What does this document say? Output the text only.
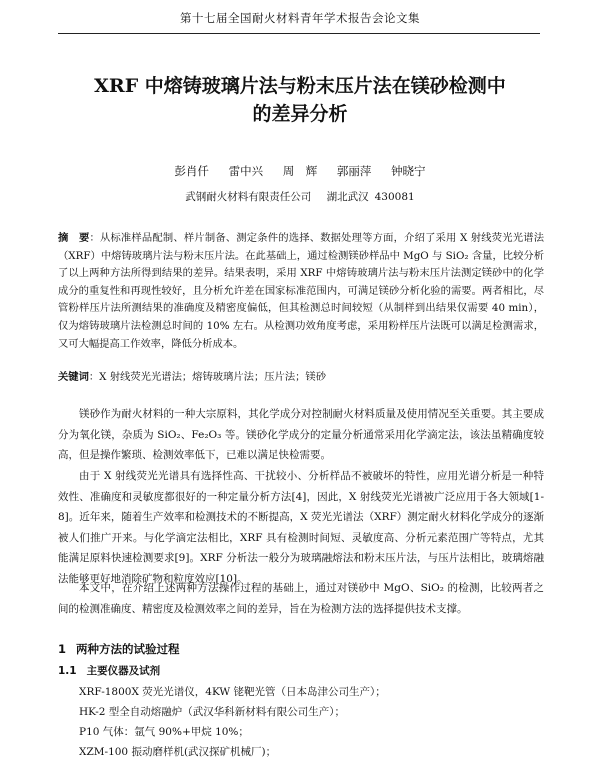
第十七届全国耐火材料青年学术报告会论文集
XRF 中熔铸玻璃片法与粉末压片法在镁砂检测中
的差异分析
彭肖仟 雷中兴 周　辉 郭丽萍 钟晓宁
武钢耐火材料有限责任公司 湖北武汉 430081
摘　要：从标准样品配制、样片制备、测定条件的选择、数据处理等方面，介绍了采用 X 射线荧光光谱法（XRF）中熔铸玻璃片法与粉末压片法。在此基础上，通过检测镁砂样品中 MgO 与 SiO₂ 含量，比较分析了以上两种方法所得到结果的差异。结果表明，采用 XRF 中熔铸玻璃片法与粉末压片法测定镁砂中的化学成分的重复性和再现性较好，且分析允许差在国家标准范围内，可满足镁砂分析化验的需要。两者相比，尽管粉样压片法所测结果的准确度及精密度偏低，但其检测总时间较短（从制样到出结果仅需要 40 min），仅为熔铸玻璃片法检测总时间的 10% 左右。从检测功效角度考虑，采用粉样压片法既可以满足检测需求，又可大幅提高工作效率，降低分析成本。
关键词：X 射线荧光光谱法；熔铸玻璃片法；压片法；镁砂

镁砂作为耐火材料的一种大宗原料，其化学成分对控制耐火材料质量及使用情况至关重要。其主要成分为氧化镁，杂质为 SiO₂、Fe₂O₃ 等。镁砂化学成分的定量分析通常采用化学滴定法，该法虽精确度较高，但是操作繁琐、检测效率低下，已难以满足快检需要。

由于 X 射线荧光光谱具有选择性高、干扰较小、分析样品不被破坏的特性，应用光谱分析是一种特效性、准确度和灵敏度都很好的一种定量分析方法[4]，因此，X 射线荧光光谱被广泛应用于各大领域[1-8]。近年来，随着生产效率和检测技术的不断提高，X 荧光光谱法（XRF）测定耐火材料化学成分的逐渐被人们推广开来。与化学滴定法相比，XRF 具有检测时间短、灵敏度高、分析元素范围广等特点，尤其能满足原料快速检测要求[9]。XRF 分析法一般分为玻璃融熔法和粉末压片法，与压片法相比，玻璃熔融法能够更好地消除矿物和粒度效应[10]。

本文中，在介绍上述两种方法操作过程的基础上，通过对镁砂中 MgO、SiO₂ 的检测，比较两者之间的检测准确度、精密度及检测效率之间的差异，旨在为检测方法的选择提供技术支撑。

1 两种方法的试验过程
1.1 主要仪器及试剂
XRF-1800X 荧光光谱仪，4KW 铑靶光管（日本岛津公司生产）；
HK-2 型全自动熔融炉（武汉华科新材料有限公司生产）；
P10 气体：氩气 90%+甲烷 10%；
XZM-100 振动磨样机(武汉探矿机械厂)；
